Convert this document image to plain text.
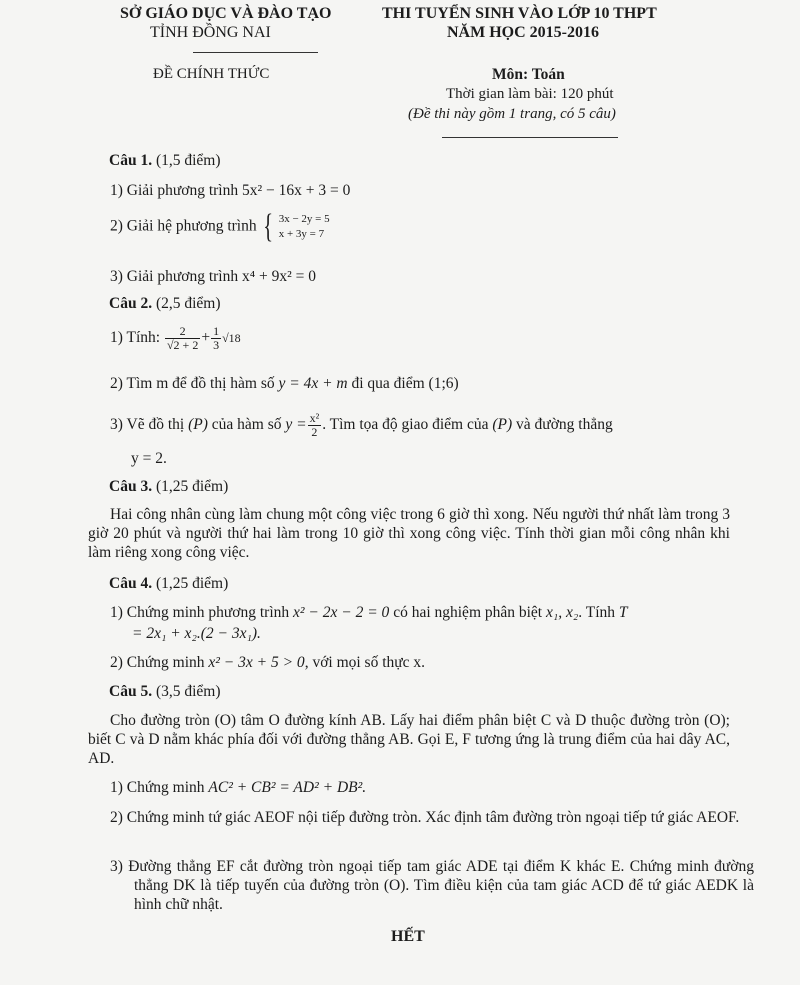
SỞ GIÁO DỤC VÀ ĐÀO TẠO
TỈNH ĐỒNG NAI
ĐỀ CHÍNH THỨC
THI TUYỂN SINH VÀO LỚP 10 THPT
NĂM HỌC 2015-2016
Môn: Toán
Thời gian làm bài: 120 phút
(Đề thi này gồm 1 trang, có 5 câu)
Câu 1. (1,5 điểm)
1) Giải phương trình 5x² − 16x + 3 = 0
2) Giải hệ phương trình { 3x − 2y = 5
x + 3y = 7
3) Giải phương trình x⁴ + 9x² = 0
Câu 2. (2,5 điểm)
1) Tính: $\frac{2}{√2 + 2} + \frac{1}{3} √18$
2) Tìm m để đồ thị hàm số y = 4x + m đi qua điểm (1;6)
3) Vẽ đồ thị (P) của hàm số $y = \frac{\text{x²}}{2}$ . Tìm tọa độ giao điểm của (P) và đường thẳng
y = 2.
Câu 3. (1,25 điểm)
Hai công nhân cùng làm chung một công việc trong 6 giờ thì xong. Nếu người thứ nhất làm trong 3 giờ 20 phút và người thứ hai làm trong 10 giờ thì xong công việc. Tính thời gian mỗi công nhân khi làm riêng xong công việc.
Câu 4. (1,25 điểm)
1) Chứng minh phương trình x² − 2x − 2 = 0 có hai nghiệm phân biệt x₁, x₂. Tính T
= 2x₁ + x₂.(2 − 3x₁).
2) Chứng minh x² − 3x + 5 > 0, với mọi số thực x.
Câu 5. (3,5 điểm)
Cho đường tròn (O) tâm O đường kính AB. Lấy hai điểm phân biệt C và D thuộc đường tròn (O); biết C và D nằm khác phía đối với đường thẳng AB. Gọi E, F tương ứng là trung điểm của hai dây AC, AD.
1) Chứng minh AC² + CB² = AD² + DB².
2) Chứng minh tứ giác AEOF nội tiếp đường tròn. Xác định tâm đường tròn ngoại tiếp tứ giác AEOF.
3) Đường thẳng EF cắt đường tròn ngoại tiếp tam giác ADE tại điểm K khác E. Chứng minh đường thẳng DK là tiếp tuyến của đường tròn (O). Tìm điều kiện của tam giác ACD để tứ giác AEDK là hình chữ nhật.
HẾT
